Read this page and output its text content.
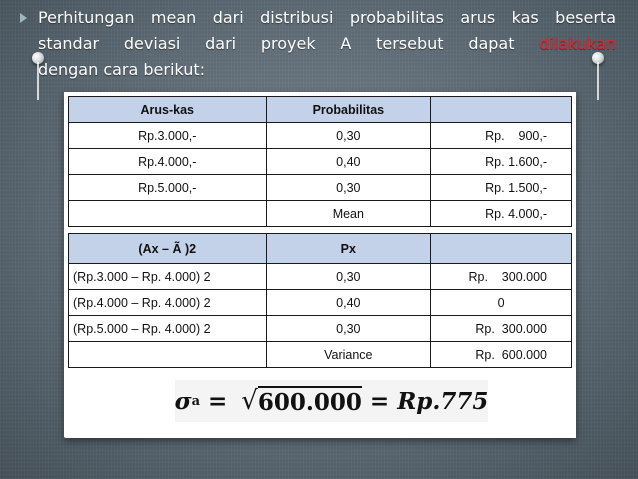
Perhitungan mean dari distribusi probabilitas arus kas beserta
standar deviasi dari proyek A tersebut dapat dilakukan
dengan cara berikut:
Arus-kas	Probabilitas	
Rp.3.000,-	0,30	Rp.    900,-
Rp.4.000,-	0,40	Rp. 1.600,-
Rp.5.000,-	0,30	Rp. 1.500,-
	Mean	Rp. 4.000,-
(Ax – Ã )2	Px	
(Rp.3.000 – Rp. 4.000) 2	0,30	Rp.    300.000
(Rp.4.000 – Rp. 4.000) 2	0,40	0
(Rp.5.000 – Rp. 4.000) 2	0,30	Rp.  300.000
	Variance	Rp.  600.000
σ a = √ 600.000 = Rp.775
